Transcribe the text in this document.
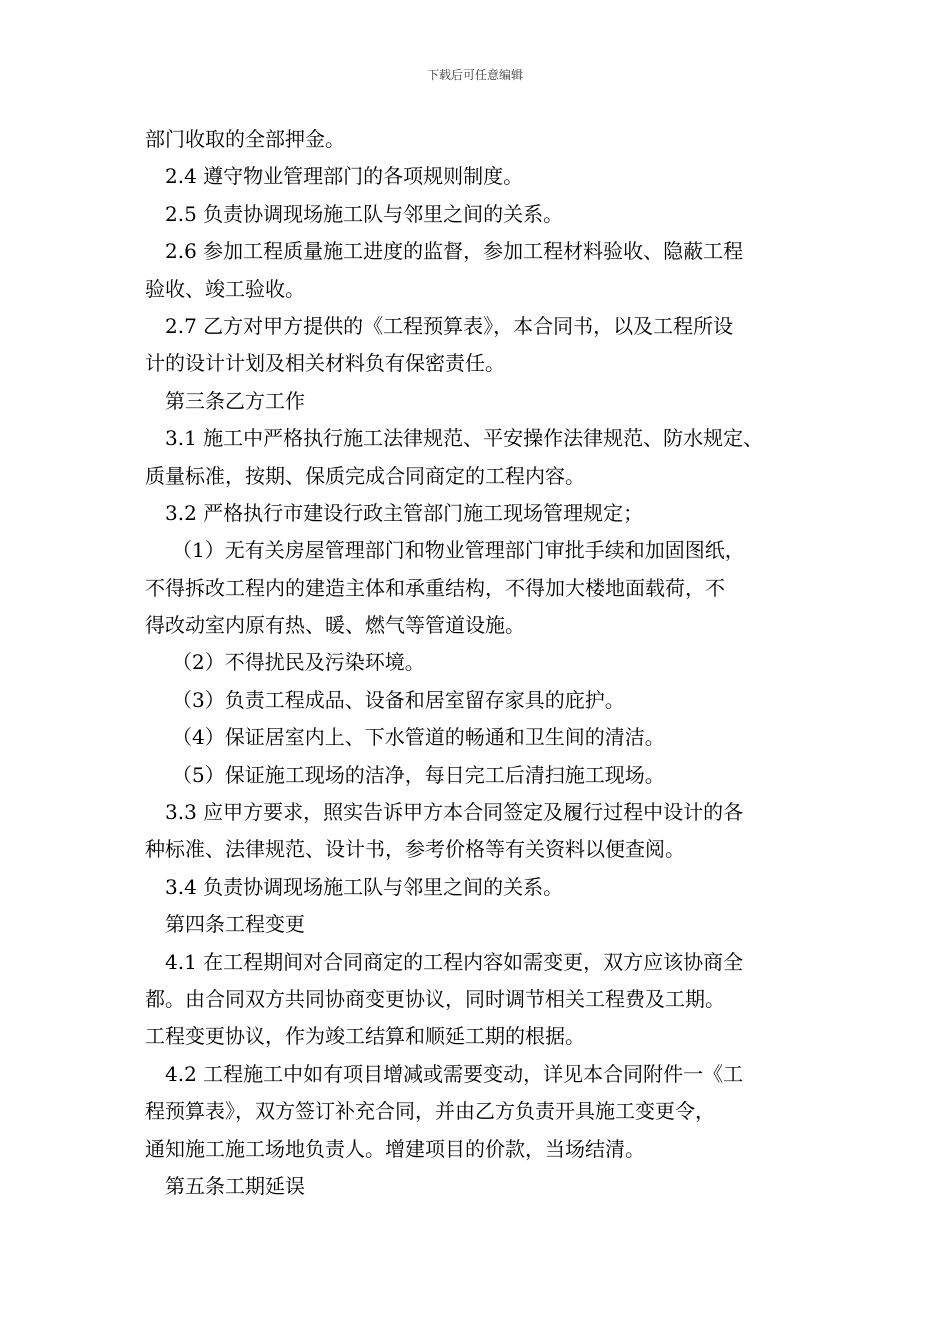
下载后可任意编辑
部门收取的全部押金。
2.4 遵守物业管理部门的各项规则制度。
2.5 负责协调现场施工队与邻里之间的关系。
2.6 参加工程质量施工进度的监督，参加工程材料验收、隐蔽工程
验收、竣工验收。
2.7 乙方对甲方提供的《工程预算表》，本合同书，以及工程所设
计的设计计划及相关材料负有保密责任。
第三条乙方工作
3.1 施工中严格执行施工法律规范、平安操作法律规范、防水规定、
质量标准，按期、保质完成合同商定的工程内容。
3.2 严格执行市建设行政主管部门施工现场管理规定；
（1）无有关房屋管理部门和物业管理部门审批手续和加固图纸，
不得拆改工程内的建造主体和承重结构，不得加大楼地面载荷，不
得改动室内原有热、暖、燃气等管道设施。
（2）不得扰民及污染环境。
（3）负责工程成品、设备和居室留存家具的庇护。
（4）保证居室内上、下水管道的畅通和卫生间的清洁。
（5）保证施工现场的洁净，每日完工后清扫施工现场。
3.3 应甲方要求，照实告诉甲方本合同签定及履行过程中设计的各
种标准、法律规范、设计书，参考价格等有关资料以便查阅。
3.4 负责协调现场施工队与邻里之间的关系。
第四条工程变更
4.1 在工程期间对合同商定的工程内容如需变更，双方应该协商全
都。由合同双方共同协商变更协议，同时调节相关工程费及工期。
工程变更协议，作为竣工结算和顺延工期的根据。
4.2 工程施工中如有项目增减或需要变动，详见本合同附件一《工
程预算表》，双方签订补充合同，并由乙方负责开具施工变更令，
通知施工施工场地负责人。增建项目的价款，当场结清。
第五条工期延误
